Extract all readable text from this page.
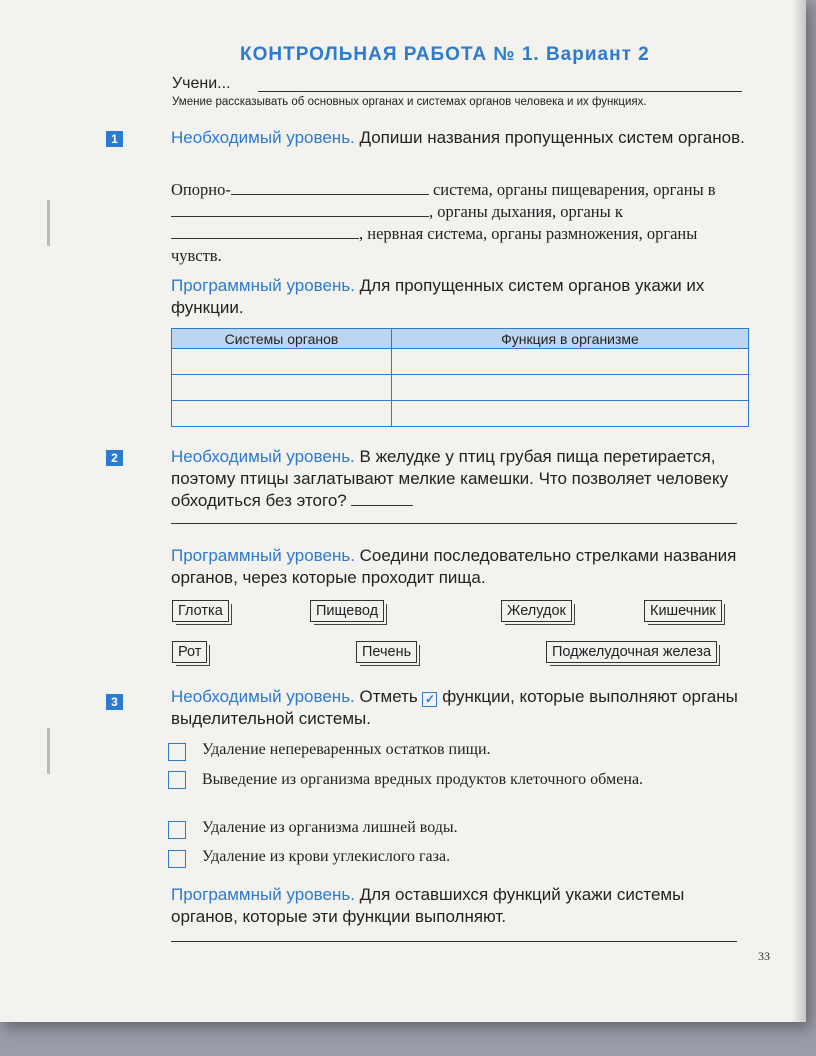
КОНТРОЛЬНАЯ РАБОТА № 1. Вариант 2
Учени...
Умение рассказывать об основных органах и системах органов человека и их функциях.
1	Необходимый уровень. Допиши названия пропущенных систем органов.
Опорно-	система, органы пищеварения, органы в, органы дыхания, органы к, нервная система, органы размножения, органы чувств.
Программный уровень. Для пропущенных систем органов укажи их функции.
Системы органов	Функция в организме

2	Необходимый уровень. В желудке у птиц грубая пища перетирается, поэтому птицы заглатывают мелкие камешки. Что позволяет человеку обходиться без этого?
Программный уровень. Соедини последовательно стрелками названия органов, через которые проходит пища.
Глотка	Пищевод	Желудок	Кишечник
Рот	Печень	Поджелудочная железа
3	Необходимый уровень. Отметь ✓ функции, которые выполняют органы выделительной системы.
Удаление непереваренных остатков пищи.
Выведение из организма вредных продуктов клеточного обмена.
Удаление из организма лишней воды.
Удаление из крови углекислого газа.
Программный уровень. Для оставшихся функций укажи системы органов, которые эти функции выполняют.
33
